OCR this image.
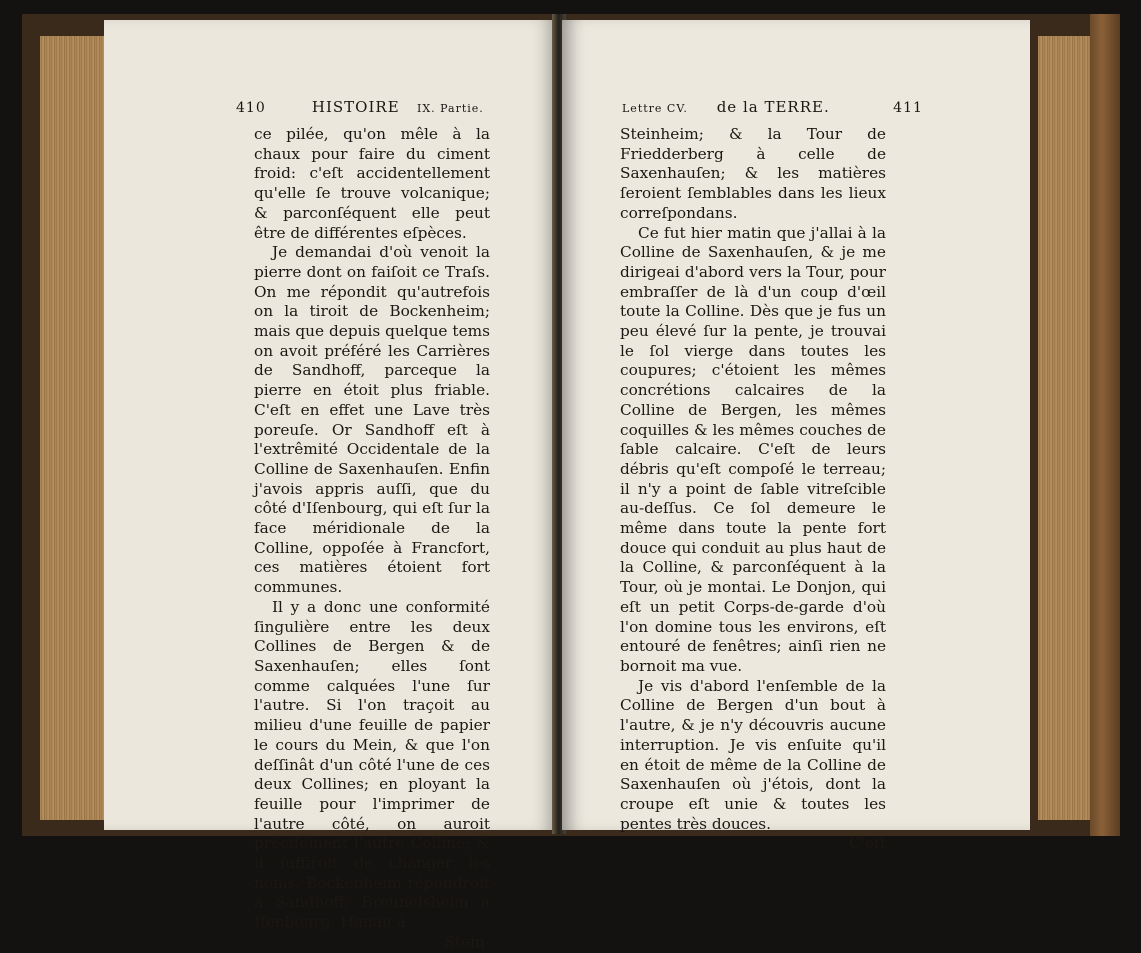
410	HISTOIRE IX. Partie.

ce pilée, qu'on mêle à la chaux pour faire du ciment froid: c'eſt accidentellement qu'elle ſe trouve volcanique; & parconſéquent elle peut être de différentes eſpèces.

Je demandai d'où venoit la pierre dont on faiſoit ce Traſs. On me répondit qu'autrefois on la tiroit de Bockenheim; mais que depuis quelque tems on avoit préféré les Carrières de Sandhoff, parceque la pierre en étoit plus friable. C'eſt en effet une Lave très poreuſe. Or Sandhoff eſt à l'extrêmité Occidentale de la Colline de Saxenhauſen. Enfin j'avois appris auſſi, que du côté d'Iſenbourg, qui eſt ſur la face méridionale de la Colline, oppoſée à Francfort, ces matières étoient fort communes.

Il y a donc une conformité ſingulière entre les deux Collines de Bergen & de Saxenhauſen; elles ſont comme calquées l'une ſur l'autre. Si l'on traçoit au milieu d'une feuille de papier le cours du Mein, & que l'on deſſinât d'un côté l'une de ces deux Collines; en ployant la feuille pour l'imprimer de l'autre côté, on auroit préciſément l'autre Colline; & il ſuffiroit de changer les noms. Bockenheim répondroit à Sandhoff; Breunelsheim à Iſenbourg; Hanau à

Stein-
Lettre CV. de la TERRE.	411

Steinheim; & la Tour de Friedderberg à celle de Saxenhauſen; & les matières ſeroient ſemblables dans les lieux correſpondans.

Ce fut hier matin que j'allai à la Colline de Saxenhauſen, & je me dirigeai d'abord vers la Tour, pour embraſſer de là d'un coup d'œil toute la Colline. Dès que je fus un peu élevé ſur la pente, je trouvai le ſol vierge dans toutes les coupures; c'étoient les mêmes concrétions calcaires de la Colline de Bergen, les mêmes coquilles & les mêmes couches de ſable calcaire. C'eſt de leurs débris qu'eſt compoſé le terreau; il n'y a point de ſable vitreſcible au-deſſus. Ce ſol demeure le même dans toute la pente fort douce qui conduit au plus haut de la Colline, & parconſéquent à la Tour, où je montai. Le Donjon, qui eſt un petit Corps-de-garde d'où l'on domine tous les environs, eſt entouré de fenêtres; ainſi rien ne bornoit ma vue.

Je vis d'abord l'enſemble de la Colline de Bergen d'un bout à l'autre, & je n'y découvris aucune interruption. Je vis enſuite qu'il en étoit de même de la Colline de Saxenhauſen où j'étois, dont la croupe eſt unie & toutes les pentes très douces.

C'eſt
